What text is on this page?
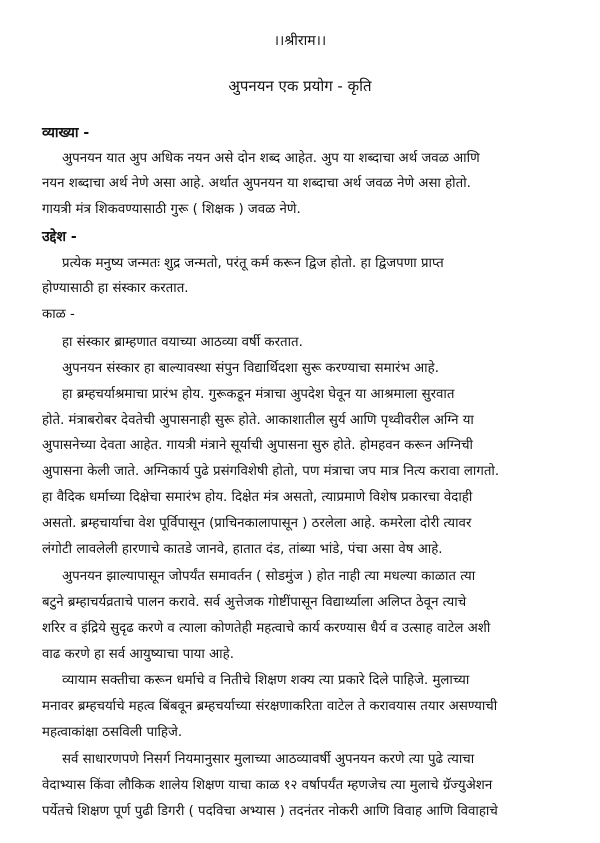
।।श्रीराम।।

अुपनयन एक प्रयोग - कृति

व्याख्या -

अुपनयन यात अुप अधिक नयन असे दोन शब्द आहेत. अुप या शब्दाचा अर्थ जवळ आणि

नयन शब्दाचा अर्थ नेणे असा आहे. अर्थात अुपनयन या शब्दाचा अर्थ जवळ नेणे असा होतो.

गायत्री मंत्र शिकवण्यासाठी गुरू ( शिक्षक ) जवळ नेणे.

उद्देश -

प्रत्येक मनुष्य जन्मतः शुद्र जन्मतो, परंतू कर्म करून द्विज होतो. हा द्विजपणा प्राप्त

होण्यासाठी हा संस्कार करतात.

काळ -

हा संस्कार ब्राम्हणात वयाच्या आठव्या वर्षी करतात.

अुपनयन संस्कार हा बाल्यावस्था संपुन विद्यार्थिदशा सुरू करण्याचा समारंभ आहे.

हा ब्रम्हचर्याश्रमाचा प्रारंभ होय. गुरूकडून मंत्राचा अुपदेश घेवून या आश्रमाला सुरवात

होते. मंत्राबरोबर देवतेची अुपासनाही सुरू होते. आकाशातील सुर्य आणि पृथ्वीवरील अग्नि या

अुपासनेच्या देवता आहेत. गायत्री मंत्राने सूर्याची अुपासना सुरु होते. होमहवन करून अग्निची

अुपासना केली जाते. अग्निकार्य पुढे प्रसंगविशेषी होतो, पण मंत्राचा जप मात्र नित्य करावा लागतो.

हा वैदिक धर्माच्या दिक्षेचा समारंभ होय. दिक्षेत मंत्र असतो, त्याप्रमाणे विशेष प्रकारचा वेदाही

असतो. ब्रम्हचार्याचा वेश पूर्विपासून (प्राचिनकालापासून ) ठरलेला आहे. कमरेला दोरी त्यावर

लंगोटी लावलेली हारणाचे कातडे जानवे, हातात दंड, तांब्या भांडे, पंचा असा वेष आहे.

अुपनयन झाल्यापासून जोपर्यंत समावर्तन ( सोडमुंज ) होत नाही त्या मधल्या काळात त्या

बटुने ब्रम्हाचर्यव्रताचे पालन करावे. सर्व अुत्तेजक गोष्टींपासून विद्यार्थ्याला अलिप्त ठेवून त्याचे

शरिर व इंद्रिये सुदृढ करणे व त्याला कोणतेही महत्वाचे कार्य करण्यास धैर्य व उत्साह वाटेल अशी

वाढ करणे हा सर्व आयुष्याचा पाया आहे.

व्यायाम सक्तीचा करून धर्माचे व नितीचे शिक्षण शक्य त्या प्रकारे दिले पाहिजे. मुलाच्या

मनावर ब्रम्हचर्याचे महत्व बिंबवून ब्रम्हचर्याच्या संरक्षणाकरिता वाटेल ते करावयास तयार असण्याची

महत्वाकांक्षा ठसविली पाहिजे.

सर्व साधारणपणे निसर्ग नियमानुसार मुलाच्या आठव्यावर्षी अुपनयन करणे त्या पुढे त्याचा

वेदाभ्यास किंवा लौकिक शालेय शिक्षण याचा काळ १२ वर्षापर्यंत म्हणजेच त्या मुलाचे ग्रॅज्युअेशन

पर्येतचे शिक्षण पूर्ण पुढी डिगरी ( पदविचा अभ्यास ) तदनंतर नोकरी आणि विवाह आणि विवाहाचे
